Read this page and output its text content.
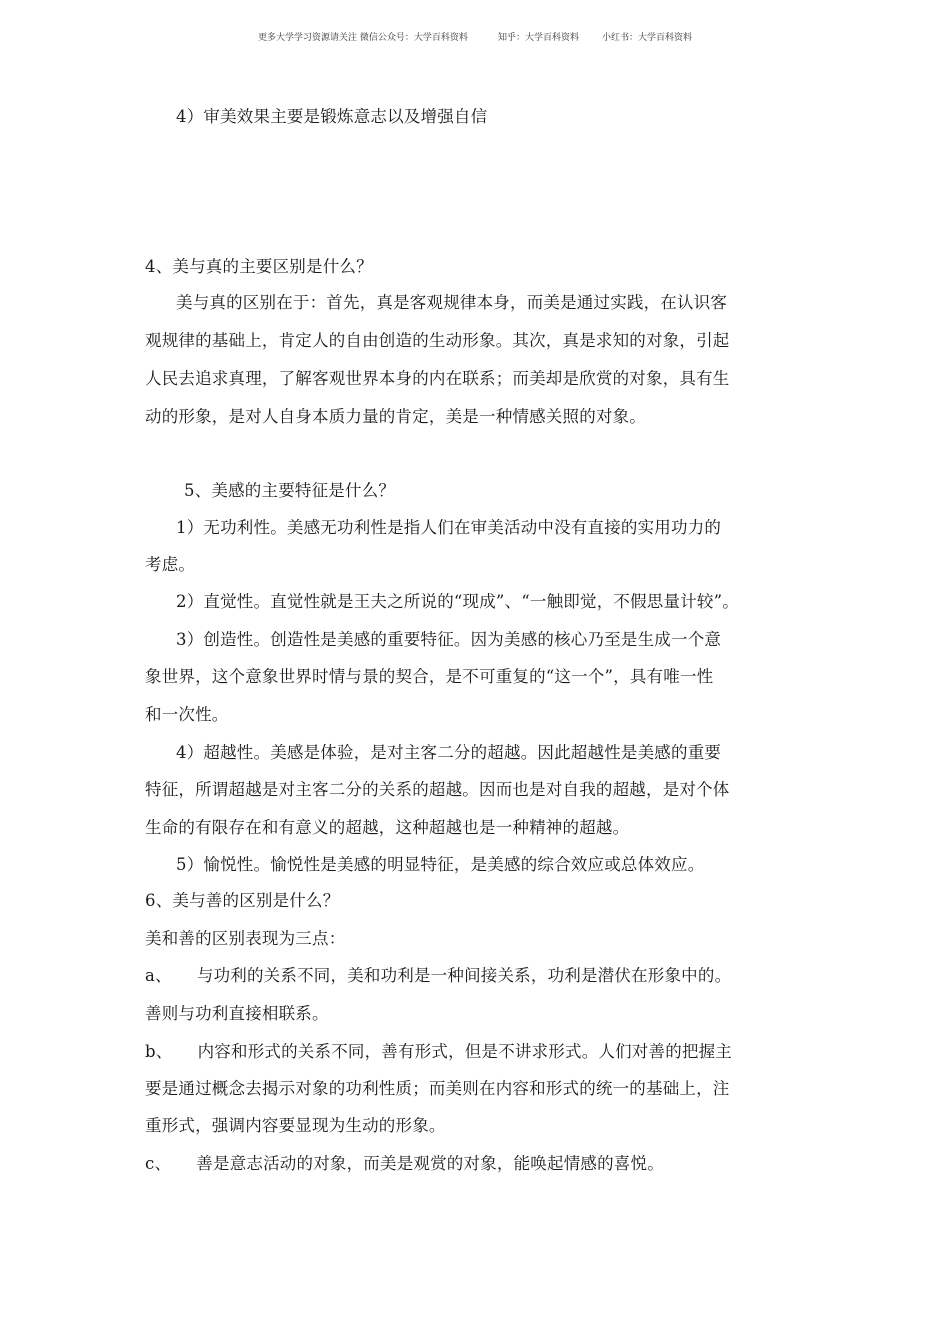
更多大学学习资源请关注 微信公众号：大学百科资料

	知乎：大学百科资料

	小红书：大学百科资料

4）审美效果主要是锻炼意志以及增强自信
4、美与真的主要区别是什么？
美与真的区别在于：首先，真是客观规律本身，而美是通过实践，在认识客
观规律的基础上，肯定人的自由创造的生动形象。其次，真是求知的对象，引起
人民去追求真理，了解客观世界本身的内在联系；而美却是欣赏的对象，具有生
动的形象，是对人自身本质力量的肯定，美是一种情感关照的对象。
5、美感的主要特征是什么？
1）无功利性。美感无功利性是指人们在审美活动中没有直接的实用功力的
考虑。
2）直觉性。直觉性就是王夫之所说的“现成”、“一触即觉，不假思量计较”。
3）创造性。创造性是美感的重要特征。因为美感的核心乃至是生成一个意
象世界，这个意象世界时情与景的契合，是不可重复的“这一个”，具有唯一性
和一次性。
4）超越性。美感是体验，是对主客二分的超越。因此超越性是美感的重要
特征，所谓超越是对主客二分的关系的超越。因而也是对自我的超越，是对个体
生命的有限存在和有意义的超越，这种超越也是一种精神的超越。
5）愉悦性。愉悦性是美感的明显特征，是美感的综合效应或总体效应。
6、美与善的区别是什么？
美和善的区别表现为三点：
a、　　与功利的关系不同，美和功利是一种间接关系，功利是潜伏在形象中的。
善则与功利直接相联系。
b、　　内容和形式的关系不同，善有形式，但是不讲求形式。人们对善的把握主
要是通过概念去揭示对象的功利性质；而美则在内容和形式的统一的基础上，注
重形式，强调内容要显现为生动的形象。
c、　　善是意志活动的对象，而美是观赏的对象，能唤起情感的喜悦。
